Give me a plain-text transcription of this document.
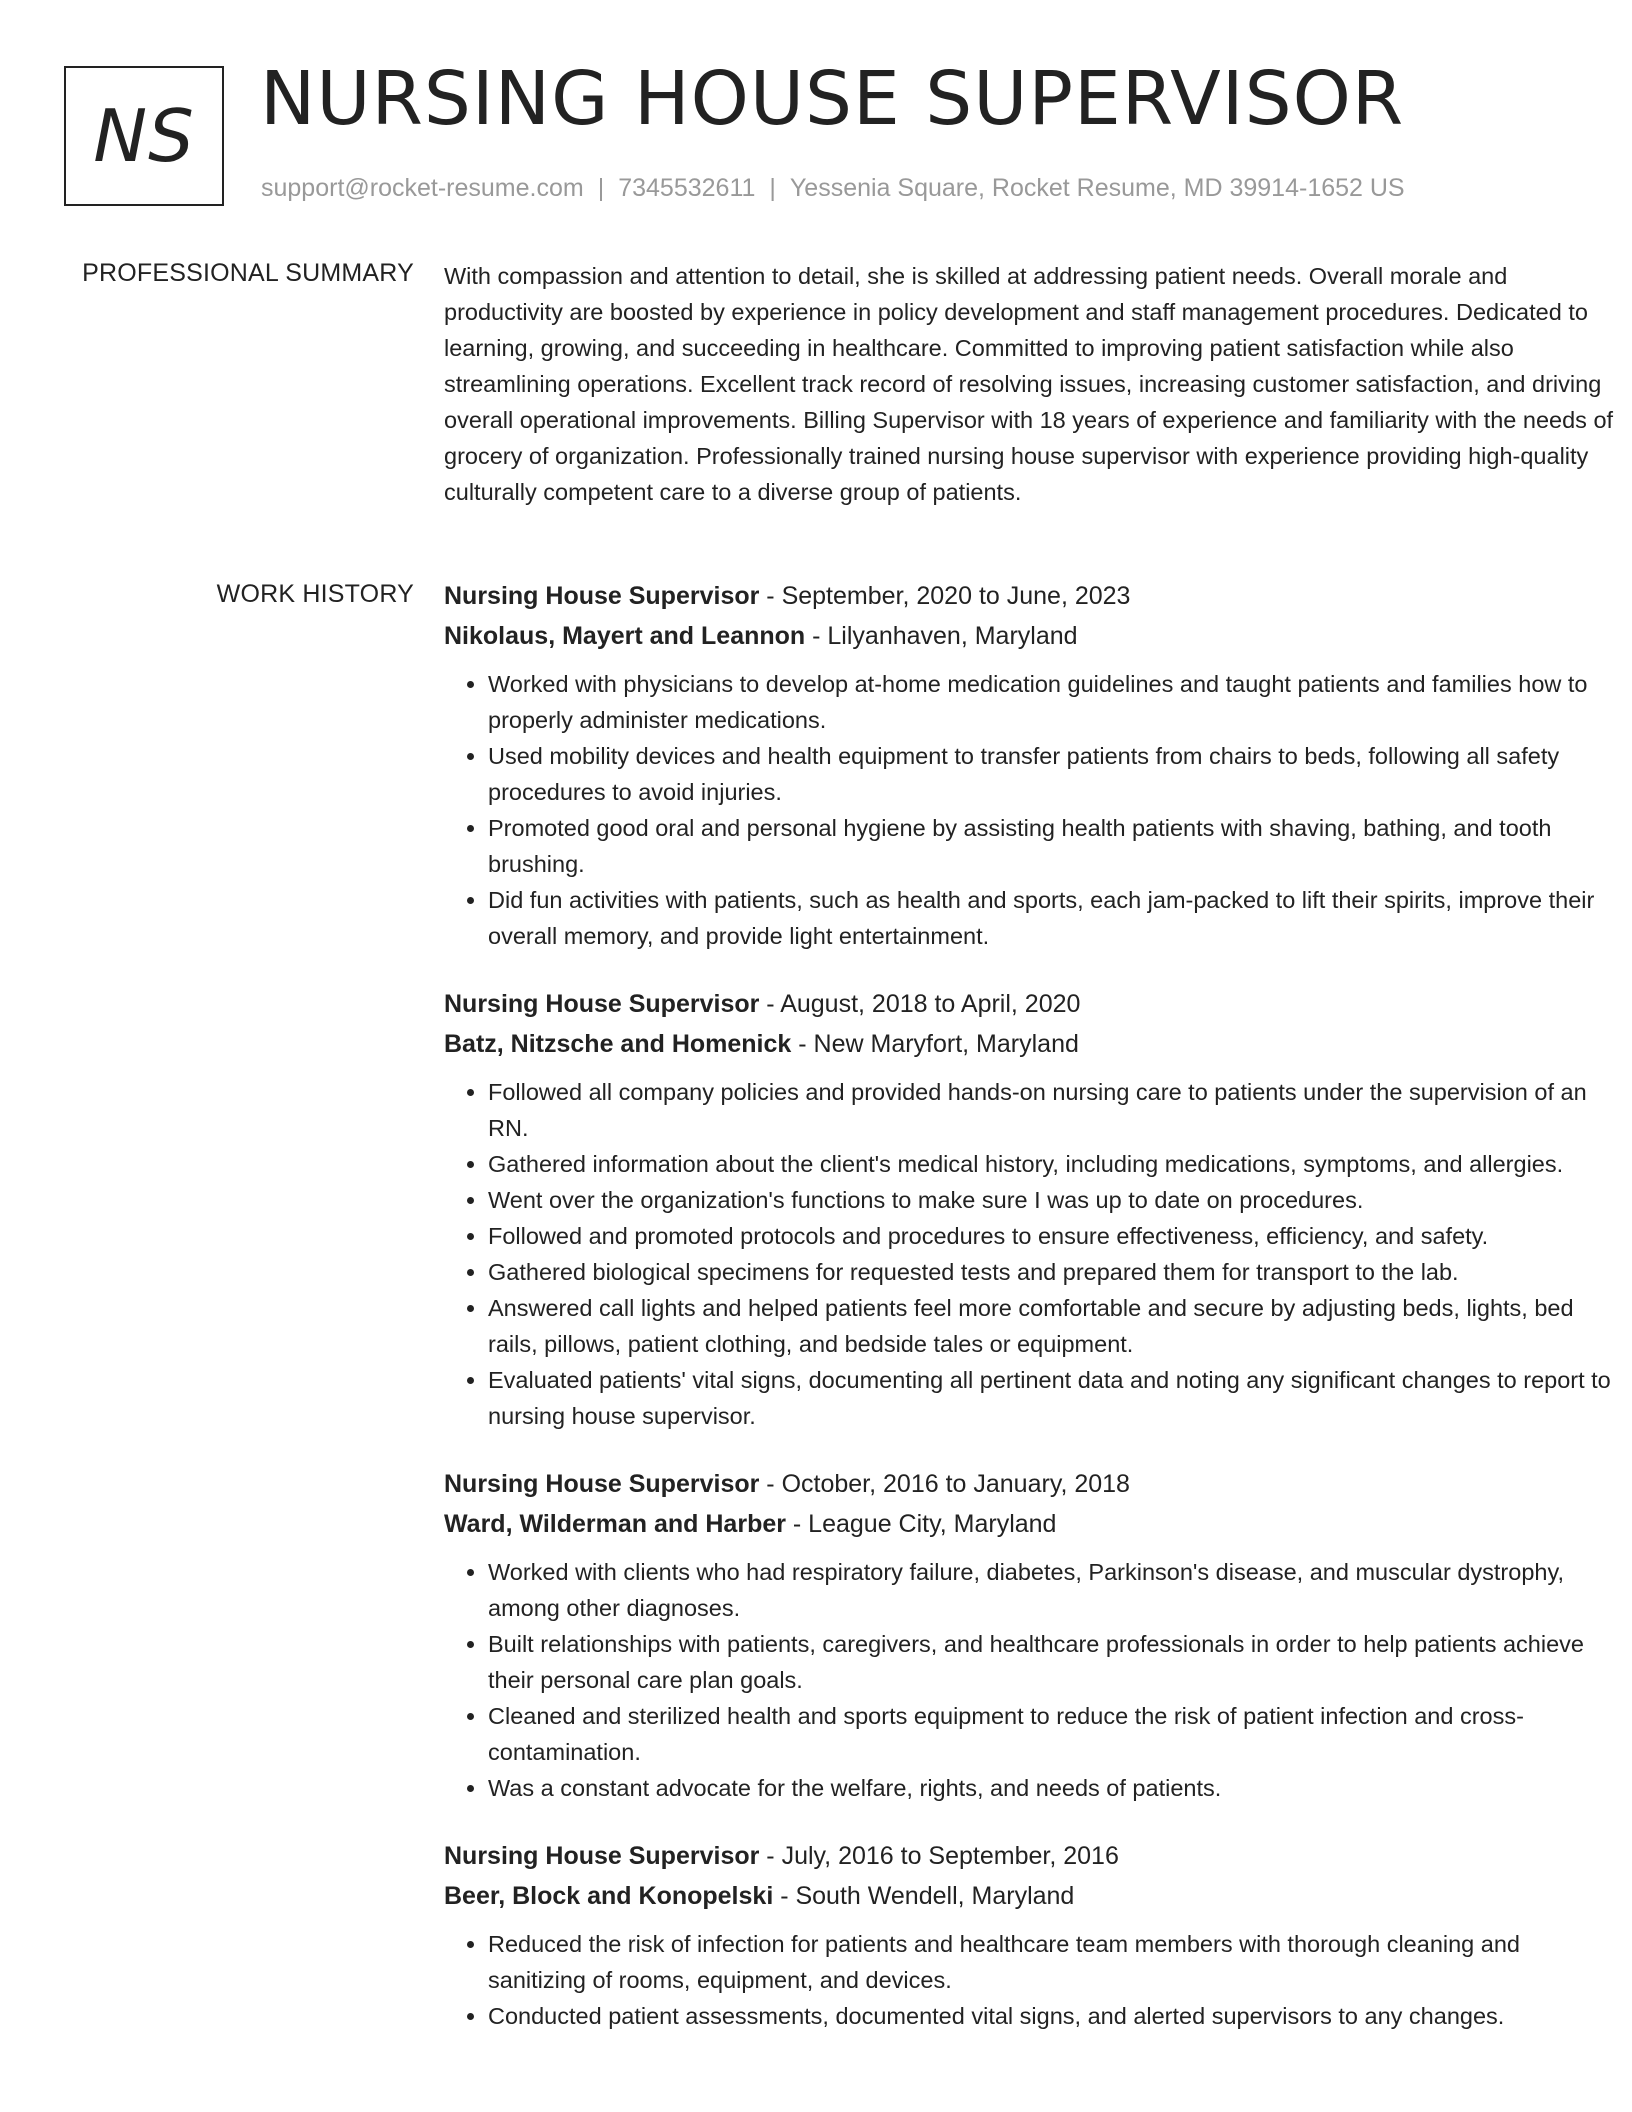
NS NURSING HOUSE SUPERVISOR
support@rocket-resume.com | 7345532611 | Yessenia Square, Rocket Resume, MD 39914-1652 US
PROFESSIONAL SUMMARY With compassion and attention to detail, she is skilled at addressing patient needs. Overall morale and productivity are boosted by experience in policy development and staff management procedures. Dedicated to learning, growing, and succeeding in healthcare. Committed to improving patient satisfaction while also streamlining operations. Excellent track record of resolving issues, increasing customer satisfaction, and driving overall operational improvements. Billing Supervisor with 18 years of experience and familiarity with the needs of grocery of organization. Professionally trained nursing house supervisor with experience providing high-quality culturally competent care to a diverse group of patients.

WORK HISTORY Nursing House Supervisor - September, 2020 to June, 2023
Nikolaus, Mayert and Leannon - Lilyanhaven, Maryland
• Worked with physicians to develop at-home medication guidelines and taught patients and families how to properly administer medications.
• Used mobility devices and health equipment to transfer patients from chairs to beds, following all safety procedures to avoid injuries.
• Promoted good oral and personal hygiene by assisting health patients with shaving, bathing, and tooth brushing.
• Did fun activities with patients, such as health and sports, each jam-packed to lift their spirits, improve their overall memory, and provide light entertainment.
Nursing House Supervisor - August, 2018 to April, 2020
Batz, Nitzsche and Homenick - New Maryfort, Maryland
• Followed all company policies and provided hands-on nursing care to patients under the supervision of an RN.
• Gathered information about the client's medical history, including medications, symptoms, and allergies.
• Went over the organization's functions to make sure I was up to date on procedures.
• Followed and promoted protocols and procedures to ensure effectiveness, efficiency, and safety.
• Gathered biological specimens for requested tests and prepared them for transport to the lab.
• Answered call lights and helped patients feel more comfortable and secure by adjusting beds, lights, bed rails, pillows, patient clothing, and bedside tales or equipment.
• Evaluated patients' vital signs, documenting all pertinent data and noting any significant changes to report to nursing house supervisor.
Nursing House Supervisor - October, 2016 to January, 2018
Ward, Wilderman and Harber - League City, Maryland
• Worked with clients who had respiratory failure, diabetes, Parkinson's disease, and muscular dystrophy, among other diagnoses.
• Built relationships with patients, caregivers, and healthcare professionals in order to help patients achieve their personal care plan goals.
• Cleaned and sterilized health and sports equipment to reduce the risk of patient infection and cross-contamination.
• Was a constant advocate for the welfare, rights, and needs of patients.
Nursing House Supervisor - July, 2016 to September, 2016
Beer, Block and Konopelski - South Wendell, Maryland
• Reduced the risk of infection for patients and healthcare team members with thorough cleaning and sanitizing of rooms, equipment, and devices.
• Conducted patient assessments, documented vital signs, and alerted supervisors to any changes.
